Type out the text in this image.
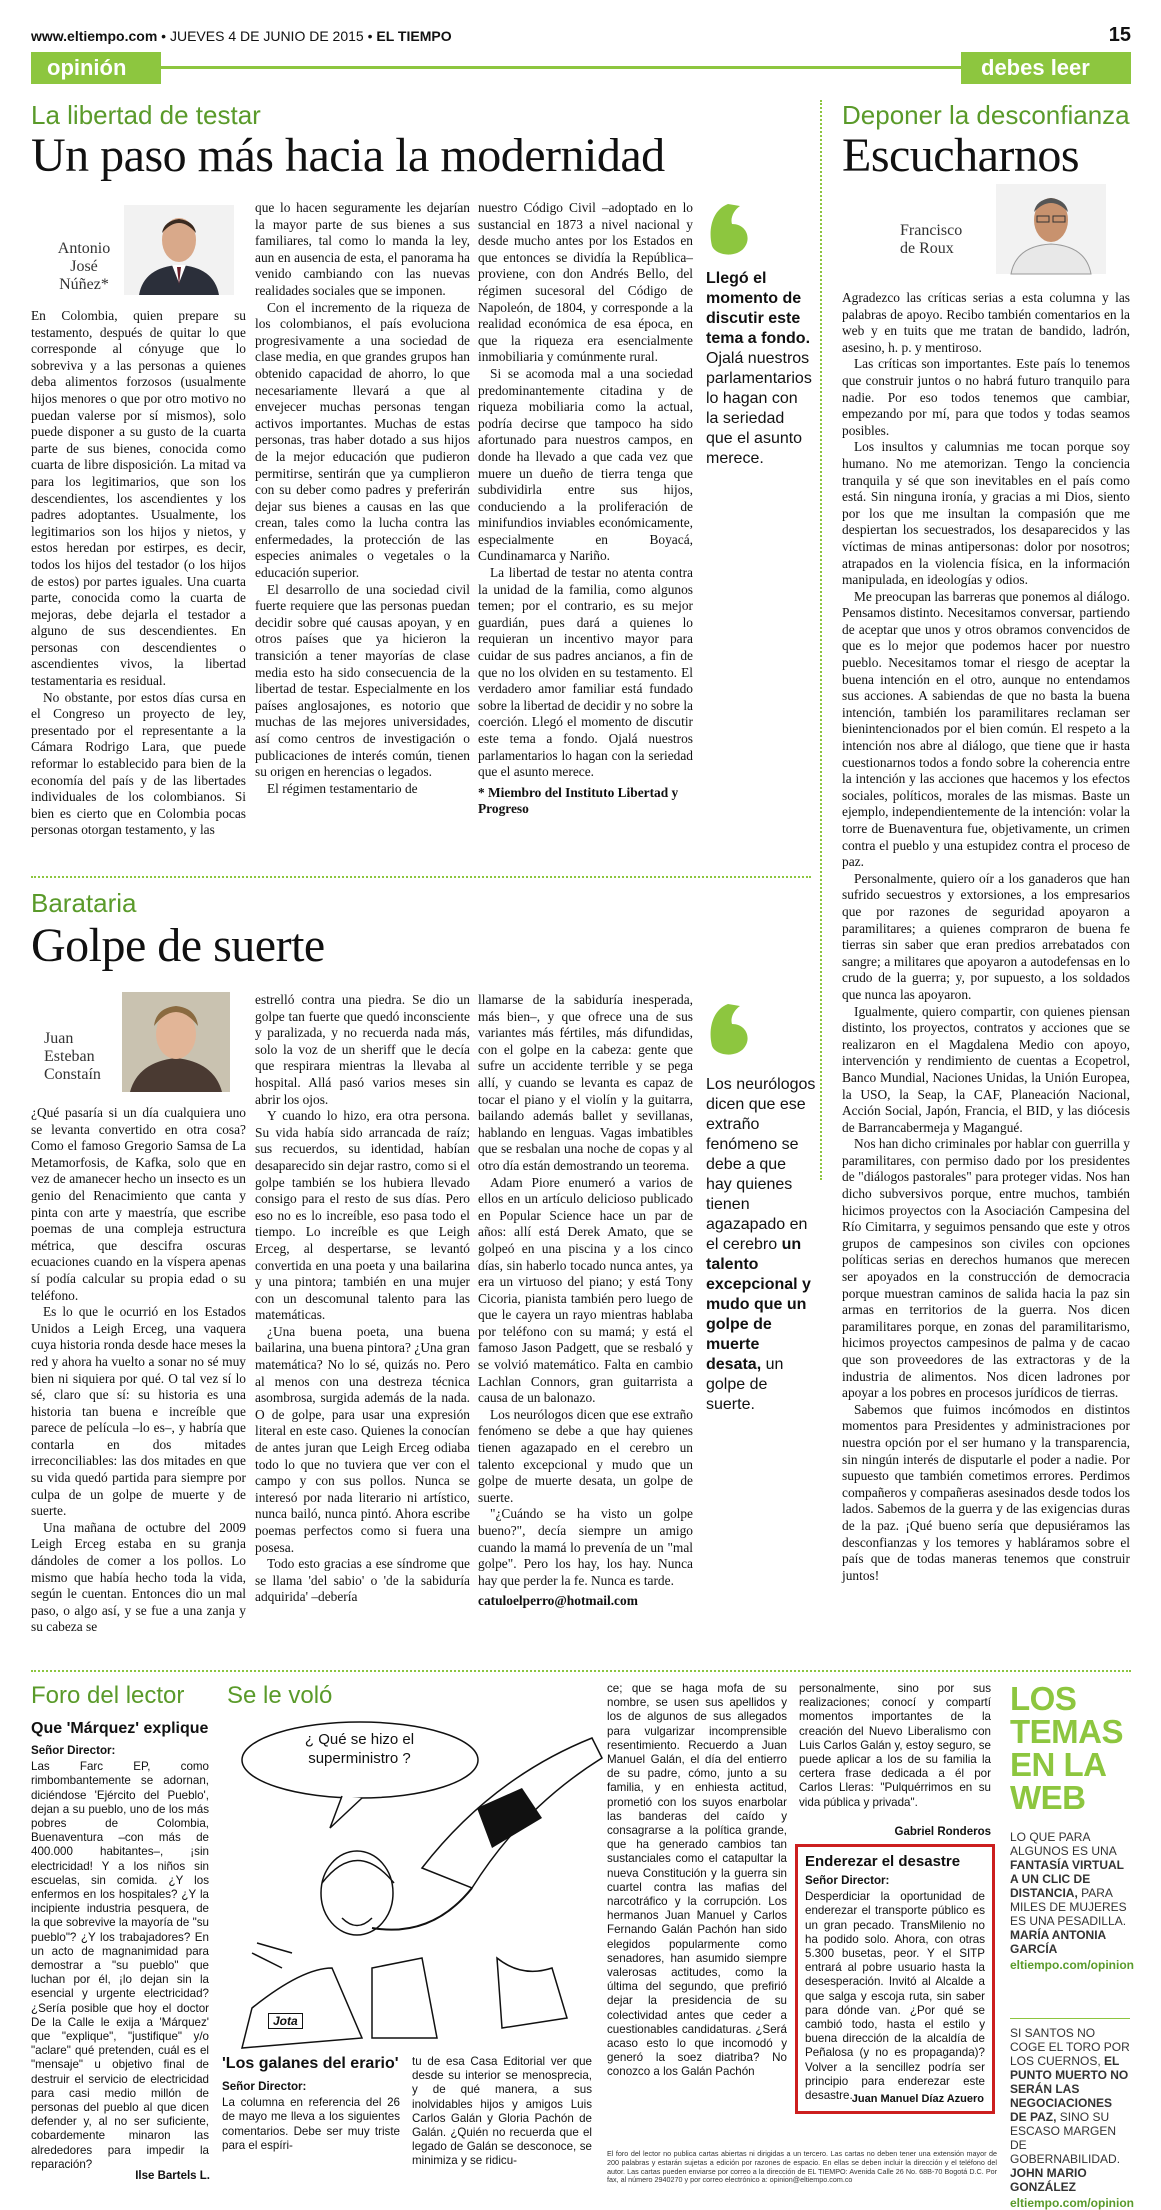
www.eltiempo.com • JUEVES 4 DE JUNIO DE 2015 • EL TIEMPO	15
opinión	debes leer
La libertad de testar
Un paso más hacia la modernidad
Antonio José Núñez*

En Colombia, quien prepare su testamento, después de quitar lo que corresponde al cónyuge que lo sobreviva y a las personas a quienes deba alimentos forzosos (usualmente hijos menores o que por otro motivo no puedan valerse por sí mismos), solo puede disponer a su gusto de la cuarta parte de sus bienes, conocida como cuarta de libre disposición. La mitad va para los legitimarios, que son los descendientes, los ascendientes y los padres adoptantes. Usualmente, los legitimarios son los hijos y nietos, y estos heredan por estirpes, es decir, todos los hijos del testador (o los hijos de estos) por partes iguales. Una cuarta parte, conocida como la cuarta de mejoras, debe dejarla el testador a alguno de sus descendientes. En personas con descendientes o ascendientes vivos, la libertad testamentaria es residual.

No obstante, por estos días cursa en el Congreso un proyecto de ley, presentado por el representante a la Cámara Rodrigo Lara, que puede reformar lo establecido para bien de la economía del país y de las libertades individuales de los colombianos. Si bien es cierto que en Colombia pocas personas otorgan testamento, y las

que lo hacen seguramente les dejarían la mayor parte de sus bienes a sus familiares, tal como lo manda la ley, aun en ausencia de esta, el panorama ha venido cambiando con las nuevas realidades sociales que se imponen.

Con el incremento de la riqueza de los colombianos, el país evoluciona progresivamente a una sociedad de clase media, en que grandes grupos han obtenido capacidad de ahorro, lo que necesariamente llevará a que al envejecer muchas personas tengan activos importantes. Muchas de estas personas, tras haber dotado a sus hijos de la mejor educación que pudieron permitirse, sentirán que ya cumplieron con su deber como padres y preferirán dejar sus bienes a causas en las que crean, tales como la lucha contra las enfermedades, la protección de las especies animales o vegetales o la educación superior.

El desarrollo de una sociedad civil fuerte requiere que las personas puedan decidir sobre qué causas apoyan, y en otros países que ya hicieron la transición a tener mayorías de clase media esto ha sido consecuencia de la libertad de testar. Especialmente en los países anglosajones, es notorio que muchas de las mejores universidades, así como centros de investigación o publicaciones de interés común, tienen su origen en herencias o legados.

El régimen testamentario de

nuestro Código Civil –adoptado en lo sustancial en 1873 a nivel nacional y desde mucho antes por los Estados en que entonces se dividía la República– proviene, con don Andrés Bello, del régimen sucesoral del Código de Napoleón, de 1804, y corresponde a la realidad económica de esa época, en que la riqueza era esencialmente inmobiliaria y comúnmente rural.

Si se acomoda mal a una sociedad predominantemente citadina y de riqueza mobiliaria como la actual, podría decirse que tampoco ha sido afortunado para nuestros campos, en donde ha llevado a que cada vez que muere un dueño de tierra tenga que subdividirla entre sus hijos, conduciendo a la proliferación de minifundios inviables económicamente, especialmente en Boyacá, Cundinamarca y Nariño.

La libertad de testar no atenta contra la unidad de la familia, como algunos temen; por el contrario, es su mejor guardián, pues dará a quienes lo requieran un incentivo mayor para cuidar de sus padres ancianos, a fin de que no los olviden en su testamento. El verdadero amor familiar está fundado sobre la libertad de decidir y no sobre la coerción. Llegó el momento de discutir este tema a fondo. Ojalá nuestros parlamentarios lo hagan con la seriedad que el asunto merece.

* Miembro del Instituto Libertad y Progreso

Llegó el momento de discutir este tema a fondo. Ojalá nuestros parlamentarios lo hagan con la seriedad que el asunto merece.
Barataria
Golpe de suerte
Juan Esteban Constaín

¿Qué pasaría si un día cualquiera uno se levanta convertido en otra cosa? Como el famoso Gregorio Samsa de La Metamorfosis, de Kafka, solo que en vez de amanecer hecho un insecto es un genio del Renacimiento que canta y pinta con arte y maestría, que escribe poemas de una compleja estructura métrica, que descifra oscuras ecuaciones cuando en la víspera apenas sí podía calcular su propia edad o su teléfono.

Es lo que le ocurrió en los Estados Unidos a Leigh Erceg, una vaquera cuya historia ronda desde hace meses la red y ahora ha vuelto a sonar no sé muy bien ni siquiera por qué. O tal vez sí lo sé, claro que sí: su historia es una historia tan buena e increíble que parece de película –lo es–, y habría que contarla en dos mitades irreconciliables: las dos mitades en que su vida quedó partida para siempre por culpa de un golpe de muerte y de suerte.

Una mañana de octubre del 2009 Leigh Erceg estaba en su granja dándoles de comer a los pollos. Lo mismo que había hecho toda la vida, según le cuentan. Entonces dio un mal paso, o algo así, y se fue a una zanja y su cabeza se

estrelló contra una piedra. Se dio un golpe tan fuerte que quedó inconsciente y paralizada, y no recuerda nada más, solo la voz de un sheriff que le decía que respirara mientras la llevaba al hospital. Allá pasó varios meses sin abrir los ojos.

Y cuando lo hizo, era otra persona. Su vida había sido arrancada de raíz; sus recuerdos, su identidad, habían desaparecido sin dejar rastro, como si el golpe también se los hubiera llevado consigo para el resto de sus días. Pero eso no es lo increíble, eso pasa todo el tiempo. Lo increíble es que Leigh Erceg, al despertarse, se levantó convertida en una poeta y una bailarina y una pintora; también en una mujer con un descomunal talento para las matemáticas.

¿Una buena poeta, una buena bailarina, una buena pintora? ¿Una gran matemática? No lo sé, quizás no. Pero al menos con una destreza técnica asombrosa, surgida además de la nada. O de golpe, para usar una expresión literal en este caso. Quienes la conocían de antes juran que Leigh Erceg odiaba todo lo que no tuviera que ver con el campo y con sus pollos. Nunca se interesó por nada literario ni artístico, nunca bailó, nunca pintó. Ahora escribe poemas perfectos como si fuera una posesa.

Todo esto gracias a ese síndrome que se llama 'del sabio' o 'de la sabiduría adquirida' –debería

llamarse de la sabiduría inesperada, más bien–, y que ofrece una de sus variantes más fértiles, más difundidas, con el golpe en la cabeza: gente que sufre un accidente terrible y se pega allí, y cuando se levanta es capaz de tocar el piano y el violín y la guitarra, bailando además ballet y sevillanas, hablando en lenguas. Vagas imbatibles que se resbalan una noche de copas y al otro día están demostrando un teorema.

Adam Piore enumeró a varios de ellos en un artículo delicioso publicado en Popular Science hace un par de años: allí está Derek Amato, que se golpeó en una piscina y a los cinco días, sin haberlo tocado nunca antes, ya era un virtuoso del piano; y está Tony Cicoria, pianista también pero luego de que le cayera un rayo mientras hablaba por teléfono con su mamá; y está el famoso Jason Padgett, que se resbaló y se volvió matemático. Falta en cambio Lachlan Connors, gran guitarrista a causa de un balonazo.

Los neurólogos dicen que ese extraño fenómeno se debe a que hay quienes tienen agazapado en el cerebro un talento excepcional y mudo que un golpe de muerte desata, un golpe de suerte.

"¿Cuándo se ha visto un golpe bueno?", decía siempre un amigo cuando la mamá lo prevenía de un "mal golpe". Pero los hay, los hay. Nunca hay que perder la fe. Nunca es tarde.

catuloelperro@hotmail.com

Los neurólogos dicen que ese extraño fenómeno se debe a que hay quienes tienen agazapado en el cerebro un talento excepcional y mudo que un golpe de muerte desata, un golpe de suerte.
Deponer la desconfianza
Escucharnos
Francisco de Roux

Agradezco las críticas serias a esta columna y las palabras de apoyo. Recibo también comentarios en la web y en tuits que me tratan de bandido, ladrón, asesino, h. p. y mentiroso.

Las críticas son importantes. Este país lo tenemos que construir juntos o no habrá futuro tranquilo para nadie. Por eso todos tenemos que cambiar, empezando por mí, para que todos y todas seamos posibles.

Los insultos y calumnias me tocan porque soy humano. No me atemorizan. Tengo la conciencia tranquila y sé que son inevitables en el país como está. Sin ninguna ironía, y gracias a mi Dios, siento por los que me insultan la compasión que me despiertan los secuestrados, los desaparecidos y las víctimas de minas antipersonas: dolor por nosotros; atrapados en la violencia física, en la información manipulada, en ideologías y odios.

Me preocupan las barreras que ponemos al diálogo. Pensamos distinto. Necesitamos conversar, partiendo de aceptar que unos y otros obramos convencidos de que es lo mejor que podemos hacer por nuestro pueblo. Necesitamos tomar el riesgo de aceptar la buena intención en el otro, aunque no entendamos sus acciones. A sabiendas de que no basta la buena intención, también los paramilitares reclaman ser bienintencionados por el bien común. El respeto a la intención nos abre al diálogo, que tiene que ir hasta cuestionarnos todos a fondo sobre la coherencia entre la intención y las acciones que hacemos y los efectos sociales, políticos, morales de las mismas. Baste un ejemplo, independientemente de la intención: volar la torre de Buenaventura fue, objetivamente, un crimen contra el pueblo y una estupidez contra el proceso de paz.

Personalmente, quiero oír a los ganaderos que han sufrido secuestros y extorsiones, a los empresarios que por razones de seguridad apoyaron a paramilitares; a quienes compraron de buena fe tierras sin saber que eran predios arrebatados con sangre; a militares que apoyaron a autodefensas en lo crudo de la guerra; y, por supuesto, a los soldados que nunca las apoyaron.

Igualmente, quiero compartir, con quienes piensan distinto, los proyectos, contratos y acciones que se realizaron en el Magdalena Medio con apoyo, intervención y rendimiento de cuentas a Ecopetrol, Banco Mundial, Naciones Unidas, la Unión Europea, la USO, la Seap, la CAF, Planeación Nacional, Acción Social, Japón, Francia, el BID, y las diócesis de Barrancabermeja y Magangué.

Nos han dicho criminales por hablar con guerrilla y paramilitares, con permiso dado por los presidentes de "diálogos pastorales" para proteger vidas. Nos han dicho subversivos porque, entre muchos, también hicimos proyectos con la Asociación Campesina del Río Cimitarra, y seguimos pensando que este y otros grupos de campesinos son civiles con opciones políticas serias en derechos humanos que merecen ser apoyados en la construcción de democracia porque muestran caminos de salida hacia la paz sin armas en territorios de la guerra. Nos dicen paramilitares porque, en zonas del paramilitarismo, hicimos proyectos campesinos de palma y de cacao que son proveedores de las extractoras y de la industria de alimentos. Nos dicen ladrones por apoyar a los pobres en procesos jurídicos de tierras.

Sabemos que fuimos incómodos en distintos momentos para Presidentes y administraciones por nuestra opción por el ser humano y la transparencia, sin ningún interés de disputarle el poder a nadie. Por supuesto que también cometimos errores. Perdimos compañeros y compañeras asesinados desde todos los lados. Sabemos de la guerra y de las exigencias duras de la paz. ¡Qué bueno sería que depusiéramos las desconfianzas y los temores y habláramos sobre el país que de todas maneras tenemos que construir juntos!

Foro del lector
Que 'Márquez' explique

Señor Director:

Las Farc EP, como rimbombantemente se adornan, diciéndose 'Ejército del Pueblo', dejan a su pueblo, uno de los más pobres de Colombia, Buenaventura –con más de 400.000 habitantes–, ¡sin electricidad! Y a los niños sin escuelas, sin comida. ¿Y los enfermos en los hospitales? ¿Y la incipiente industria pesquera, de la que sobrevive la mayoría de "su pueblo"? ¿Y los trabajadores? En un acto de magnanimidad para demostrar a "su pueblo" que luchan por él, ¡lo dejan sin la esencial y urgente electricidad? ¿Sería posible que hoy el doctor De la Calle le exija a 'Márquez' que "explique", "justifique" y/o "aclare" qué pretenden, cuál es el "mensaje" u objetivo final de destruir el servicio de electricidad para casi medio millón de personas del pueblo al que dicen defender y, al no ser suficiente, cobardemente minaron las alrededores para impedir la reparación?

Ilse Bartels L.
Se le voló
¿ Qué se hizo el superministro ?
Jota
'Los galanes del erario'

Señor Director:

La columna en referencia del 26 de mayo me lleva a los siguientes comentarios. Debe ser muy triste para el espíri-

tu de esa Casa Editorial ver que desde su interior se menosprecia, y de qué manera, a sus inolvidables hijos y amigos Luis Carlos Galán y Gloria Pachón de Galán. ¿Quién no recuerda que el legado de Galán se desconoce, se minimiza y se ridicu-

ce; que se haga mofa de su nombre, se usen sus apellidos y los de algunos de sus allegados para vulgarizar incomprensible resentimiento. Recuerdo a Juan Manuel Galán, el día del entierro de su padre, cómo, junto a su familia, y en enhiesta actitud, prometió con los suyos enarbolar las banderas del caído y consagrarse a la política grande, que ha generado cambios tan sustanciales como el catapultar la nueva Constitución y la guerra sin cuartel contra las mafias del narcotráfico y la corrupción. Los hermanos Juan Manuel y Carlos Fernando Galán Pachón han sido elegidos popularmente como senadores, han asumido siempre valerosas actitudes, como la última del segundo, que prefirió dejar la presidencia de su colectividad antes que ceder a cuestionables candidaturas. ¿Será acaso esto lo que incomodó y generó la soez diatriba? No conozco a los Galán Pachón

personalmente, sino por sus realizaciones; conocí y compartí momentos importantes de la creación del Nuevo Liberalismo con Luis Carlos Galán y, estoy seguro, se puede aplicar a los de su familia la certera frase dedicada a él por Carlos Lleras: "Pulquérrimos en su vida pública y privada".

Gabriel Ronderos
Enderezar el desastre

Señor Director:

Desperdiciar la oportunidad de enderezar el transporte público es un gran pecado. TransMilenio no ha podido solo. Ahora, con otras 5.300 busetas, peor. Y el SITP entrará al pobre usuario hasta la desesperación. Invitó al Alcalde a que salga y escoja ruta, sin saber para dónde van. ¿Por qué se cambió todo, hasta el estilo y buena dirección de la alcaldía de Peñalosa (y no es propaganda)? Volver a la sencillez podría ser principio para enderezar este desastre. Juan Manuel Díaz Azuero
El foro del lector no publica cartas abiertas ni dirigidas a un tercero. Las cartas no deben tener una extensión mayor de 200 palabras y estarán sujetas a edición por razones de espacio. En ellas se deben incluir la dirección y el teléfono del autor. Las cartas pueden enviarse por correo a la dirección de EL TIEMPO: Avenida Calle 26 No. 68B-70 Bogotá D.C. Por fax, al número 2940270 y por correo electrónico a: opinion@eltiempo.com.co
LOS TEMAS EN LA WEB
LO QUE PARA ALGUNOS ES UNA FANTASÍA VIRTUAL A UN CLIC DE DISTANCIA, PARA MILES DE MUJERES ES UNA PESADILLA. MARÍA ANTONIA GARCÍA
eltiempo.com/opinion
SI SANTOS NO COGE EL TORO POR LOS CUERNOS, EL PUNTO MUERTO NO SERÁN LAS NEGOCIACIONES DE PAZ, SINO SU ESCASO MARGEN DE GOBERNABILIDAD. JOHN MARIO GONZÁLEZ
eltiempo.com/opinion
